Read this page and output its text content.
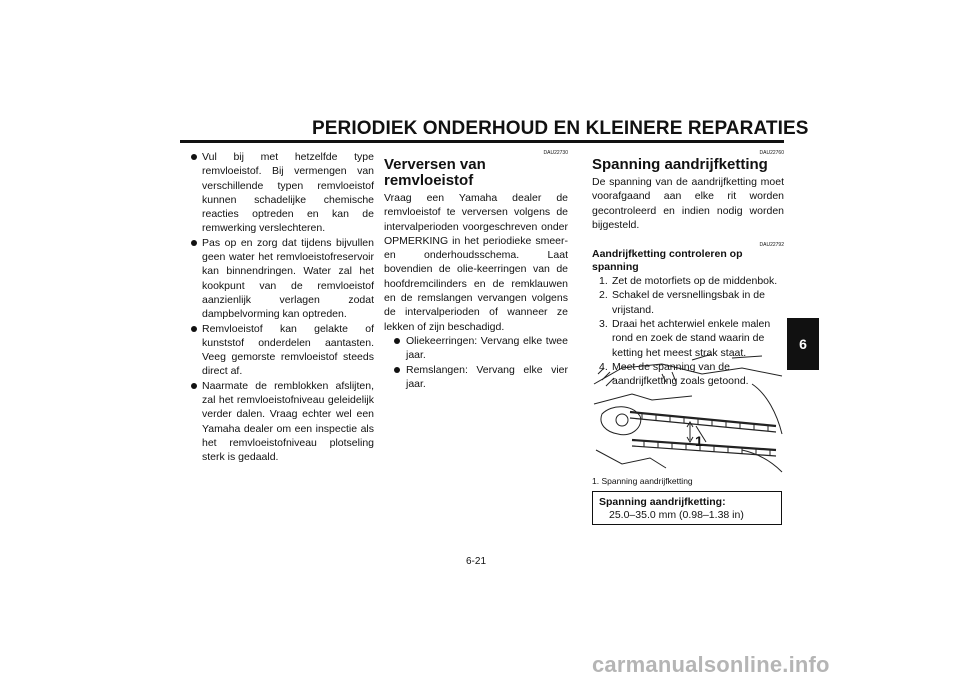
PERIODIEK ONDERHOUD EN KLEINERE REPARATIES
6
Vul bij met hetzelfde type remvloeistof. Bij vermengen van verschillende typen remvloeistof kunnen schadelijke chemische reacties optreden en kan de remwerking verslechteren.
Pas op en zorg dat tijdens bijvullen geen water het remvloeistofreservoir kan binnendringen. Water zal het kookpunt van de remvloeistof aanzienlijk verlagen zodat dampbelvorming kan optreden.
Remvloeistof kan gelakte of kunststof onderdelen aantasten. Veeg gemorste remvloeistof steeds direct af.
Naarmate de remblokken afslijten, zal het remvloeistofniveau geleidelijk verder dalen. Vraag echter wel een Yamaha dealer om een inspectie als het remvloeistofniveau plotseling sterk is gedaald.
DAU22730
Verversen van remvloeistof
Vraag een Yamaha dealer de remvloeistof te verversen volgens de intervalperioden voorgeschreven onder OPMERKING in het periodieke smeer- en onderhoudsschema. Laat bovendien de olie-keerringen van de hoofdremcilinders en de remklauwen en de remslangen vervangen volgens de intervalperioden of wanneer ze lekken of zijn beschadigd.
Oliekeerringen: Vervang elke twee jaar.
Remslangen: Vervang elke vier jaar.
DAU22760
Spanning aandrijfketting
De spanning van de aandrijfketting moet voorafgaand aan elke rit worden gecontroleerd en indien nodig worden bijgesteld.
DAU22792
Aandrijfketting controleren op spanning
1. Zet de motorfiets op de middenbok.
2. Schakel de versnellingsbak in de vrijstand.
3. Draai het achterwiel enkele malen rond en zoek de stand waarin de ketting het meest strak staat.
4. Meet de spanning van de aandrijfketting zoals getoond.
1
1. Spanning aandrijfketting
Spanning aandrijfketting:
25.0–35.0 mm (0.98–1.38 in)
6-21
carmanualsonline.info
